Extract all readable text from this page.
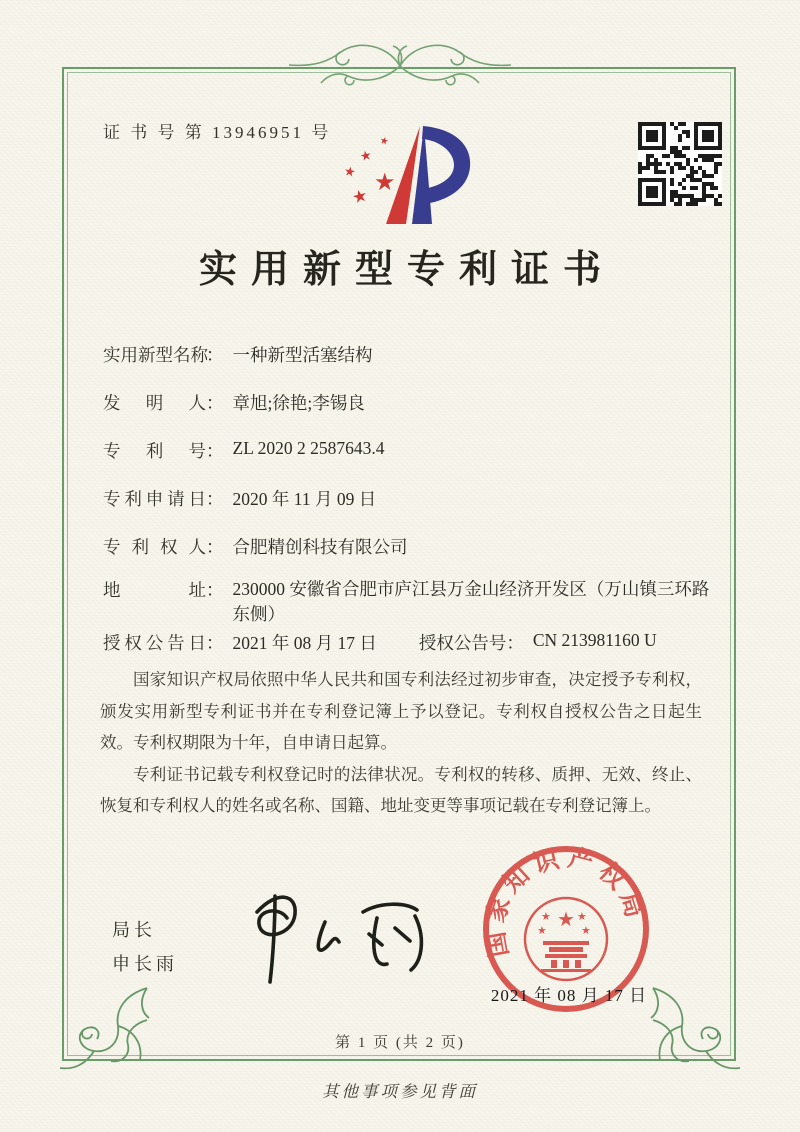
证 书 号 第 13946951 号
★
★
★
★
★
实用新型专利证书
实用新型名称： 一种新型活塞结构
发明人： 章旭;徐艳;李锡良
专利号： ZL 2020 2 2587643.4
专利申请日： 2020 年 11 月 09 日
专利权人： 合肥精创科技有限公司
地址： 230000 安徽省合肥市庐江县万金山经济开发区（万山镇三环路东侧）
授权公告日： 2021 年 08 月 17 日 授权公告号： CN 213981160 U

国家知识产权局依照中华人民共和国专利法经过初步审查，决定授予专利权，颁发实用新型专利证书并在专利登记簿上予以登记。专利权自授权公告之日起生效。专利权期限为十年，自申请日起算。

专利证书记载专利权登记时的法律状况。专利权的转移、质押、无效、终止、恢复和专利权人的姓名或名称、国籍、地址变更等事项记载在专利登记簿上。

局长
申长雨
国家知识产权局
★
★ ★
★	★
2021 年 08 月 17 日
第 1 页 (共 2 页)
其他事项参见背面
